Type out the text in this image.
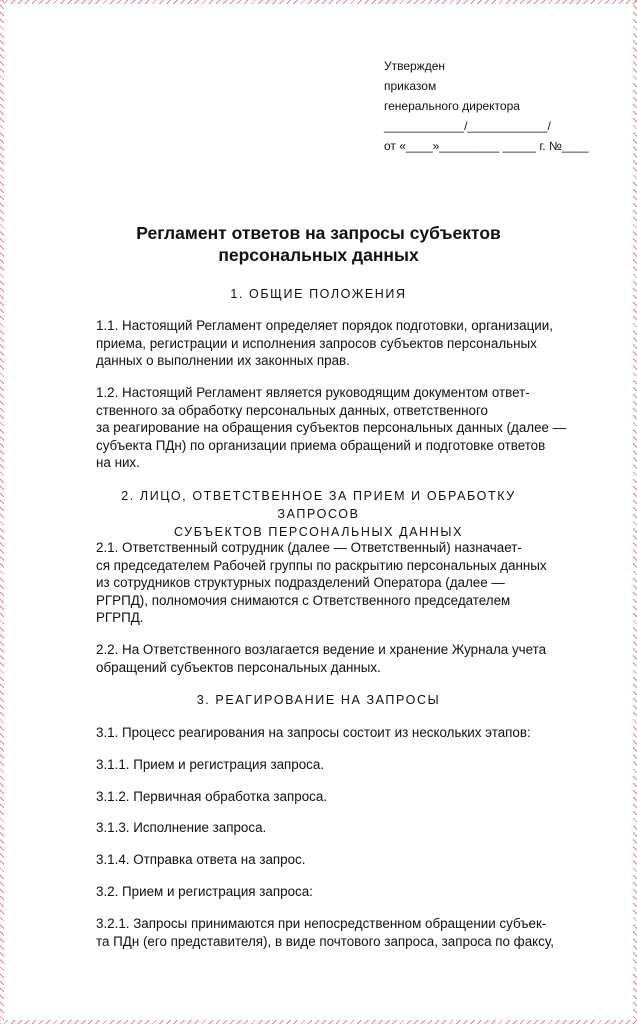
Утвержден
приказом
генерального директора
____________/____________/
от «____»_________ _____ г. №____
Регламент ответов на запросы субъектов
персональных данных
1. ОБЩИЕ ПОЛОЖЕНИЯ
1.1. Настоящий Регламент определяет порядок подготовки, организации,
приема, регистрации и исполнения запросов субъектов персональных
данных о выполнении их законных прав.
1.2. Настоящий Регламент является руководящим документом ответ-
ственного за обработку персональных данных, ответственного
за реагирование на обращения субъектов персональных данных (далее —
субъекта ПДн) по организации приема обращений и подготовке ответов
на них.
2. ЛИЦО, ОТВЕТСТВЕННОЕ ЗА ПРИЕМ И ОБРАБОТКУ ЗАПРОСОВ
СУБЪЕКТОВ ПЕРСОНАЛЬНЫХ ДАННЫХ
2.1. Ответственный сотрудник (далее — Ответственный) назначает-
ся председателем Рабочей группы по раскрытию персональных данных
из сотрудников структурных подразделений Оператора (далее —
РГРПД), полномочия снимаются с Ответственного председателем
РГРПД.
2.2. На Ответственного возлагается ведение и хранение Журнала учета
обращений субъектов персональных данных.
3. РЕАГИРОВАНИЕ НА ЗАПРОСЫ
3.1. Процесс реагирования на запросы состоит из нескольких этапов:
3.1.1. Прием и регистрация запроса.
3.1.2. Первичная обработка запроса.
3.1.3. Исполнение запроса.
3.1.4. Отправка ответа на запрос.
3.2. Прием и регистрация запроса:
3.2.1. Запросы принимаются при непосредственном обращении субъек-
та ПДн (его представителя), в виде почтового запроса, запроса по факсу,
